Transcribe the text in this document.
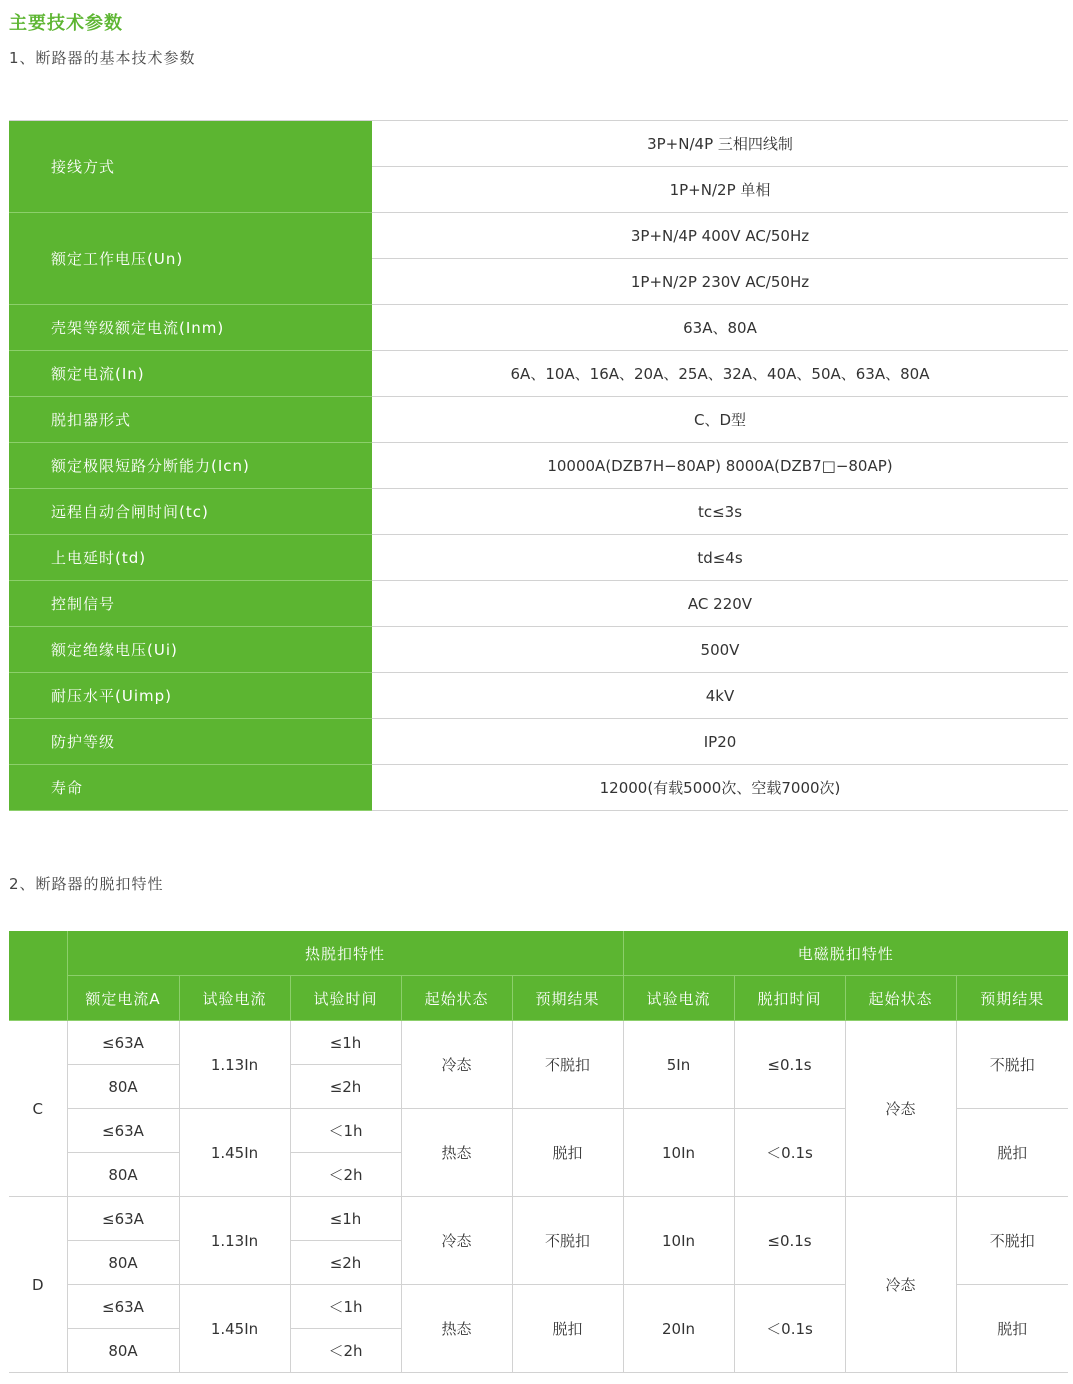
主要技术参数
1、断路器的基本技术参数
接线方式	3P+N/4P 三相四线制
	1P+N/2P 单相
额定工作电压(Un)	3P+N/4P 400V AC/50Hz
	1P+N/2P 230V AC/50Hz
壳架等级额定电流(Inm)	63A、80A
额定电流(In)	6A、10A、16A、20A、25A、32A、40A、50A、63A、80A
脱扣器形式	C、D型
额定极限短路分断能力(Icn)	10000A(DZB7H−80AP) 8000A(DZB7□−80AP)
远程自动合闸时间(tc)	tc≤3s
上电延时(td)	td≤4s
控制信号	AC 220V
额定绝缘电压(Ui)	500V
耐压水平(Uimp)	4kV
防护等级	IP20
寿命	12000(有载5000次、空载7000次)
2、断路器的脱扣特性
	热脱扣特性					电磁脱扣特性			
	额定电流A	试验电流	试验时间	起始状态	预期结果	试验电流	脱扣时间	起始状态	预期结果
C	≤63A	1.13In	≤1h	冷态	不脱扣	5In	≤0.1s	冷态	不脱扣
	80A		≤2h						
	≤63A	1.45In	＜1h	热态	脱扣	10In	＜0.1s		脱扣
	80A		＜2h						
D	≤63A	1.13In	≤1h	冷态	不脱扣	10In	≤0.1s	冷态	不脱扣
	80A		≤2h						
	≤63A	1.45In	＜1h	热态	脱扣	20In	＜0.1s		脱扣
	80A		＜2h						
